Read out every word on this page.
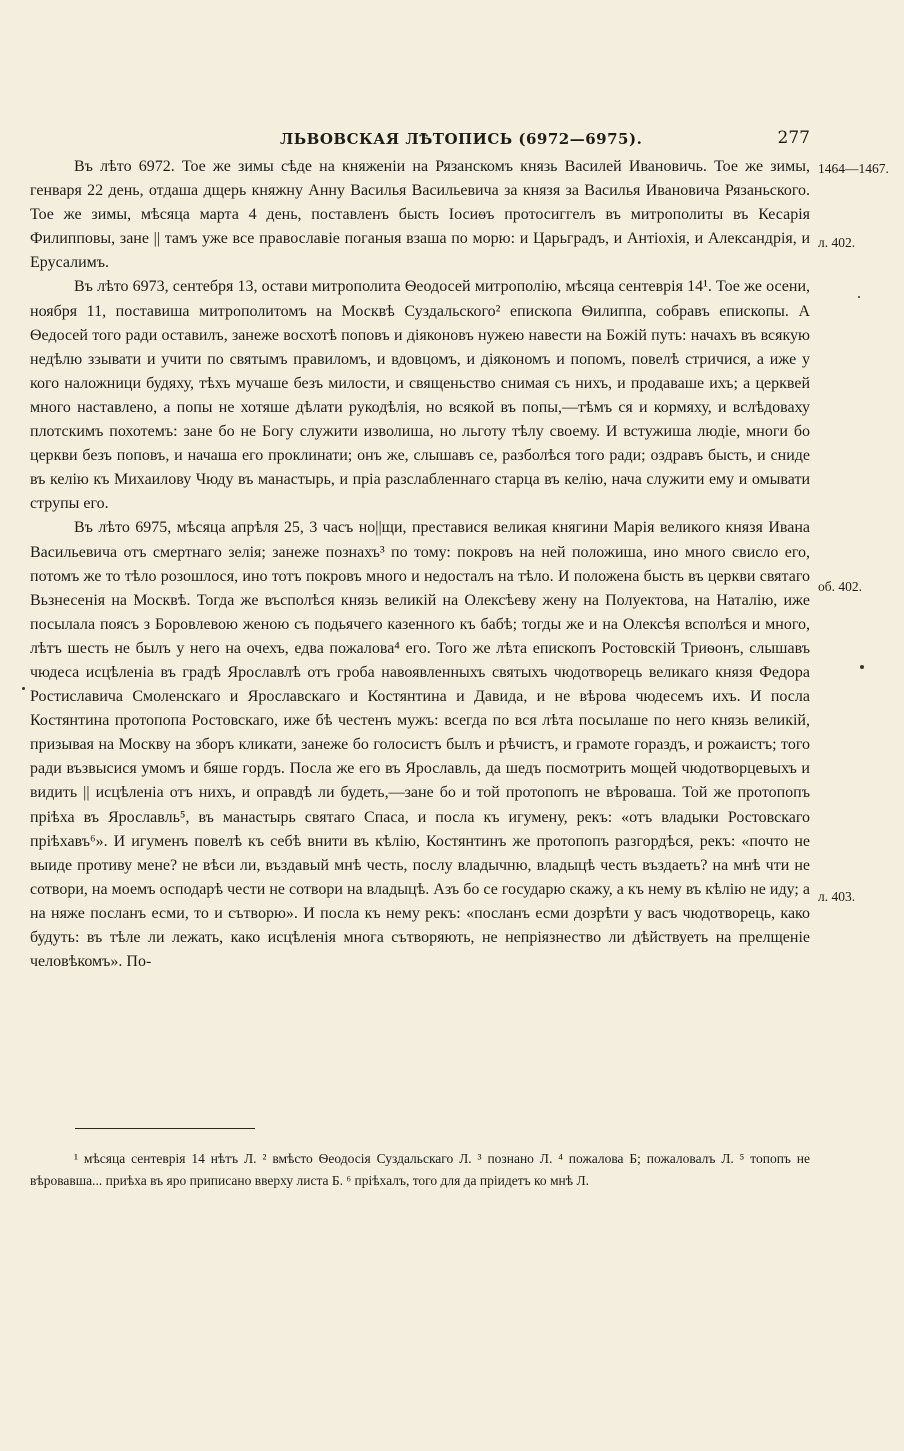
ЛЬВОВСКАЯ ЛѢТОПИСЬ (6972—6975).	277
1464—1467.
л. 402.
об. 402.
л. 403.

Въ лѣто 6972. Тое же зимы сѣде на княженіи на Рязанскомъ князь Василей Ивановичь. Тое же зимы, генваря 22 день, отдаша дщерь княжну Анну Василья Васильевича за князя за Василья Ивановича Рязаньского. Тое же зимы, мѣсяца марта 4 день, поставленъ бысть Іосиѳъ протосиггелъ въ митрополиты въ Кесарія Филипповы, зане || тамъ уже все православіе поганыя взаша по морю: и Царьградъ, и Антіохія, и Александрія, и Ерусалимъ.

Въ лѣто 6973, сентебря 13, остави митрополита Ѳеодосей митрополію, мѣсяца сентеврія 14¹. Тое же осени, ноября 11, поставиша митрополитомъ на Москвѣ Суздальского² епископа Ѳилиппа, собравъ епископы. А Ѳедосей того ради оставилъ, занеже восхотѣ поповъ и діяконовъ нужею навести на Божій путь: начахъ въ всякую недѣлю ззывати и учити по святымъ правиломъ, и вдовцомъ, и діякономъ и попомъ, повелѣ стричися, а иже у кого наложници будяху, тѣхъ мучаше безъ милости, и священьство снимая съ нихъ, и продаваше ихъ; а церквей много наставлено, а попы не хотяше дѣлати рукодѣлія, но всякой въ попы,—тѣмъ ся и кормяху, и вслѣдоваху плотскимъ похотемъ: зане бо не Богу служити изволиша, но льготу тѣлу своему. И встужиша людіе, многи бо церкви безъ поповъ, и начаша его проклинати; онъ же, слышавъ се, разболѣся того ради; оздравъ бысть, и сниде въ келію къ Михаилову Чюду въ манастырь, и пріа разслабленнаго старца въ келію, нача служити ему и омывати струпы его.

Въ лѣто 6975, мѣсяца апрѣля 25, 3 часъ но||щи, преставися великая княгини Марія великого князя Ивана Васильевича отъ смертнаго зелія; занеже познахъ³ по тому: покровъ на ней положиша, ино много свисло его, потомъ же то тѣло розошлося, ино тотъ покровъ много и недосталъ на тѣло. И положена бысть въ церкви святаго Вьзнесенія на Москвѣ. Тогда же въсполѣся князь великій на Олексѣеву жену на Полуектова, на Наталію, иже посылала поясъ з Боровлевою женою съ подьячего казенного къ бабѣ; тогды же и на Олексѣя всполѣся и много, лѣтъ шесть не былъ у него на очехъ, едва пожалова⁴ его. Того же лѣта епископъ Ростовскій Триѳонъ, слышавъ чюдеса исцѣленіа въ градѣ Ярославлѣ отъ гроба навоявленныхъ святыхъ чюдотворець великаго князя Федора Ростиславича Смоленскаго и Ярославскаго и Костянтина и Давида, и не вѣрова чюдесемъ ихъ. И посла Костянтина протопопа Ростовскаго, иже бѣ честенъ мужъ: всегда по вся лѣта посылаше по него князь великій, призывая на Москву на зборъ кликати, занеже бо голосистъ былъ и рѣчистъ, и грамоте гораздъ, и рожаистъ; того ради възвысися умомъ и бяше гордъ. Посла же его въ Ярославль, да шедъ посмотрить мощей чюдотворцевыхъ и видить || исцѣленіа отъ нихъ, и оправдѣ ли будеть,—зане бо и той протопопъ не вѣроваша. Той же протопопъ пріѣха въ Ярославль⁵, въ манастырь святаго Спаса, и посла къ игумену, рекъ: «отъ владыки Ростовскаго пріѣхавъ⁶». И игуменъ повелѣ къ себѣ внити въ кѣлію, Костянтинъ же протопопъ разгордѣся, рекъ: «почто не выиде противу мене? не вѣси ли, въздавый мнѣ честь, послу владычню, владыцѣ честь въздаеть? на мнѣ чти не сотвори, на моемъ осподарѣ чести не сотвори на владыцѣ. Азъ бо се государю скажу, а къ нему въ кѣлію не иду; а на няже посланъ есми, то и сътворю». И посла къ нему рекъ: «посланъ есми дозрѣти у васъ чюдотворець, како будуть: въ тѣле ли лежать, како исцѣленія многа сътворяють, не непріязнество ли дѣйствуеть на прелщеніе человѣкомъ». По-

¹ мѣсяца сентеврія 14 нѣтъ Л. ² вмѣсто Ѳеодосія Суздальскаго Л. ³ познано Л. ⁴ пожалова Б; пожаловалъ Л. ⁵ топопъ не вѣровавша... приѣха въ яро приписано вверху листа Б. ⁶ пріѣхалъ, того для да пріидетъ ко мнѣ Л.
